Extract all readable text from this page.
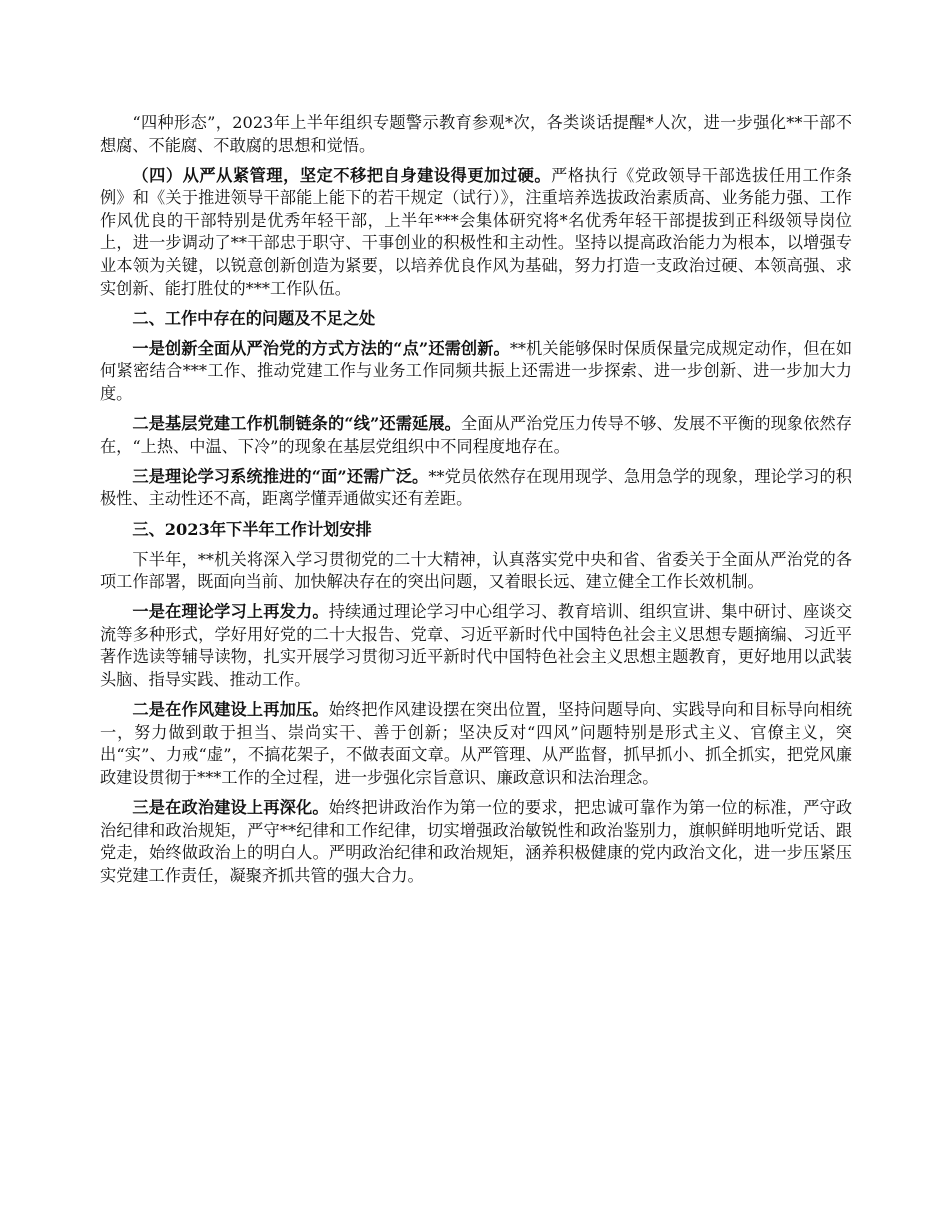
“四种形态”，2023年上半年组织专题警示教育参观*次，各类谈话提醒*人次，进一步强化**干部不想腐、不能腐、不敢腐的思想和觉悟。

（四）从严从紧管理，坚定不移把自身建设得更加过硬。严格执行《党政领导干部选拔任用工作条例》和《关于推进领导干部能上能下的若干规定（试行）》，注重培养选拔政治素质高、业务能力强、工作作风优良的干部特别是优秀年轻干部，上半年***会集体研究将*名优秀年轻干部提拔到正科级领导岗位上，进一步调动了**干部忠于职守、干事创业的积极性和主动性。坚持以提高政治能力为根本，以增强专业本领为关键，以锐意创新创造为紧要，以培养优良作风为基础，努力打造一支政治过硬、本领高强、求实创新、能打胜仗的***工作队伍。

二、工作中存在的问题及不足之处

一是创新全面从严治党的方式方法的“点”还需创新。**机关能够保时保质保量完成规定动作，但在如何紧密结合***工作、推动党建工作与业务工作同频共振上还需进一步探索、进一步创新、进一步加大力度。

二是基层党建工作机制链条的“线”还需延展。全面从严治党压力传导不够、发展不平衡的现象依然存在，“上热、中温、下冷”的现象在基层党组织中不同程度地存在。

三是理论学习系统推进的“面”还需广泛。**党员依然存在现用现学、急用急学的现象，理论学习的积极性、主动性还不高，距离学懂弄通做实还有差距。

三、2023年下半年工作计划安排

下半年，**机关将深入学习贯彻党的二十大精神，认真落实党中央和省、省委关于全面从严治党的各项工作部署，既面向当前、加快解决存在的突出问题，又着眼长远、建立健全工作长效机制。

一是在理论学习上再发力。持续通过理论学习中心组学习、教育培训、组织宣讲、集中研讨、座谈交流等多种形式，学好用好党的二十大报告、党章、习近平新时代中国特色社会主义思想专题摘编、习近平著作选读等辅导读物，扎实开展学习贯彻习近平新时代中国特色社会主义思想主题教育，更好地用以武装头脑、指导实践、推动工作。

二是在作风建设上再加压。始终把作风建设摆在突出位置，坚持问题导向、实践导向和目标导向相统一，努力做到敢于担当、崇尚实干、善于创新；坚决反对“四风”问题特别是形式主义、官僚主义，突出“实”、力戒“虚”，不搞花架子，不做表面文章。从严管理、从严监督，抓早抓小、抓全抓实，把党风廉政建设贯彻于***工作的全过程，进一步强化宗旨意识、廉政意识和法治理念。

三是在政治建设上再深化。始终把讲政治作为第一位的要求，把忠诚可靠作为第一位的标准，严守政治纪律和政治规矩，严守**纪律和工作纪律，切实增强政治敏锐性和政治鉴别力，旗帜鲜明地听党话、跟党走，始终做政治上的明白人。严明政治纪律和政治规矩，涵养积极健康的党内政治文化，进一步压紧压实党建工作责任，凝聚齐抓共管的强大合力。
